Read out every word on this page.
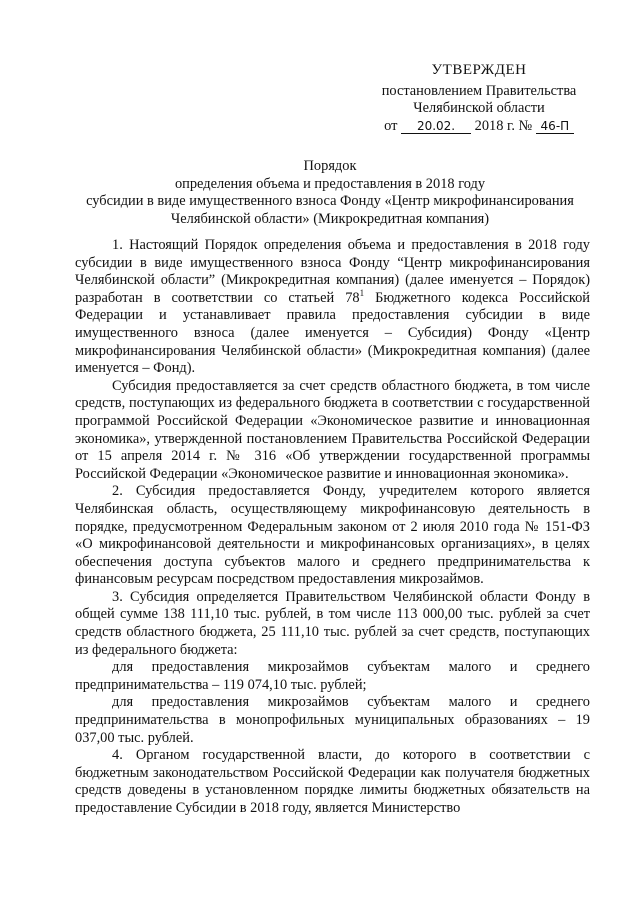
УТВЕРЖДЕН
постановлением Правительства
Челябинской области
от 20.02. 2018 г. № 46-П
Порядок
определения объема и предоставления в 2018 году
субсидии в виде имущественного взноса Фонду «Центр микрофинансирования
Челябинской области» (Микрокредитная компания)

1. Настоящий Порядок определения объема и предоставления в 2018 году субсидии в виде имущественного взноса Фонду “Центр микрофинансирования Челябинской области” (Микрокредитная компания) (далее именуется – Порядок) разработан в соответствии со статьей $78^1$ Бюджетного кодекса Российской Федерации и устанавливает правила предоставления субсидии в виде имущественного взноса (далее именуется – Субсидия) Фонду «Центр микрофинансирования Челябинской области» (Микрокредитная компания) (далее именуется – Фонд).

Субсидия предоставляется за счет средств областного бюджета, в том числе средств, поступающих из федерального бюджета в соответствии с государственной программой Российской Федерации «Экономическое развитие и инновационная экономика», утвержденной постановлением Правительства Российской Федерации от 15 апреля 2014 г. № 316 «Об утверждении государственной программы Российской Федерации «Экономическое развитие и инновационная экономика».

2. Субсидия предоставляется Фонду, учредителем которого является Челябинская область, осуществляющему микрофинансовую деятельность в порядке, предусмотренном Федеральным законом от 2 июля 2010 года № 151-ФЗ «О микрофинансовой деятельности и микрофинансовых организациях», в целях обеспечения доступа субъектов малого и среднего предпринимательства к финансовым ресурсам посредством предоставления микрозаймов.

3. Субсидия определяется Правительством Челябинской области Фонду в общей сумме 138 111,10 тыс. рублей, в том числе 113 000,00 тыс. рублей за счет средств областного бюджета, 25 111,10 тыс. рублей за счет средств, поступающих из федерального бюджета:

для предоставления микрозаймов субъектам малого и среднего предпринимательства – 119 074,10 тыс. рублей;

для предоставления микрозаймов субъектам малого и среднего предпринимательства в монопрофильных муниципальных образованиях – 19 037,00 тыс. рублей.

4. Органом государственной власти, до которого в соответствии с бюджетным законодательством Российской Федерации как получателя бюджетных средств доведены в установленном порядке лимиты бюджетных обязательств на предоставление Субсидии в 2018 году, является Министерство
